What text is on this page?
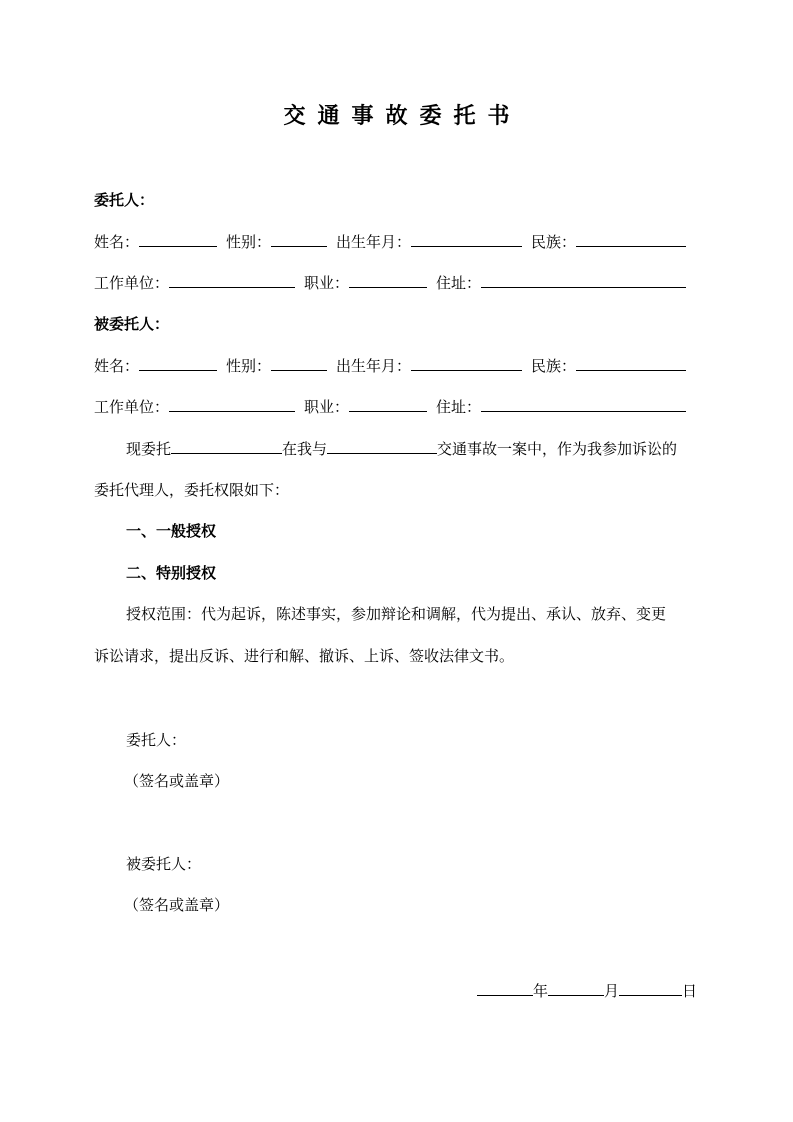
交通事故委托书
委托人：
姓名：	性别：	出生年月：	民族：
工作单位：	职业：	住址：
被委托人：
姓名：	性别：	出生年月：	民族：
工作单位：	职业：	住址：
现委托	在我与	交通事故一案中，作为我参加诉讼的
委托代理人，委托权限如下：
一、一般授权
二、特别授权
授权范围：代为起诉，陈述事实，参加辩论和调解，代为提出、承认、放弃、变更
诉讼请求，提出反诉、进行和解、撤诉、上诉、签收法律文书。
委托人：
（签名或盖章）
被委托人：
（签名或盖章）
年	月	日
